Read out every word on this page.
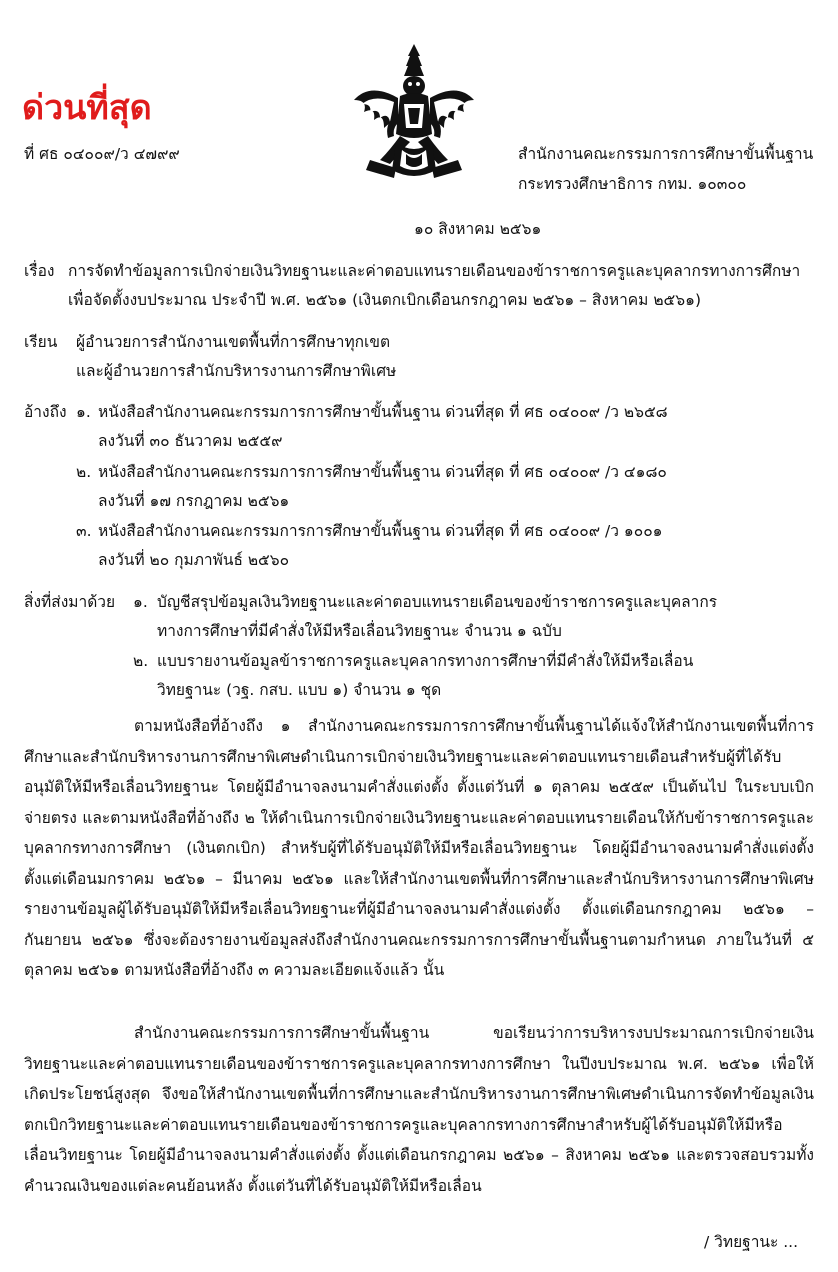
ด่วนที่สุด
ที่ ศธ ๐๔๐๐๙/ว ๔๗๙๙	สำนักงานคณะกรรมการการศึกษาขั้นพื้นฐาน
กระทรวงศึกษาธิการ กทม. ๑๐๓๐๐
๑๐ สิงหาคม ๒๕๖๑
เรื่อง การจัดทำข้อมูลการเบิกจ่ายเงินวิทยฐานะและค่าตอบแทนรายเดือนของข้าราชการครูและบุคลากรทางการศึกษา
เพื่อจัดตั้งงบประมาณ ประจำปี พ.ศ. ๒๕๖๑ (เงินตกเบิกเดือนกรกฎาคม ๒๕๖๑ – สิงหาคม ๒๕๖๑)
เรียน ผู้อำนวยการสำนักงานเขตพื้นที่การศึกษาทุกเขต
และผู้อำนวยการสำนักบริหารงานการศึกษาพิเศษ
อ้างถึง ๑. หนังสือสำนักงานคณะกรรมการการศึกษาขั้นพื้นฐาน ด่วนที่สุด ที่ ศธ ๐๔๐๐๙ /ว ๒๖๕๘
ลงวันที่ ๓๐ ธันวาคม ๒๕๕๙
๒. หนังสือสำนักงานคณะกรรมการการศึกษาขั้นพื้นฐาน ด่วนที่สุด ที่ ศธ ๐๔๐๐๙ /ว ๔๑๘๐
ลงวันที่ ๑๗ กรกฎาคม ๒๕๖๑
๓. หนังสือสำนักงานคณะกรรมการการศึกษาขั้นพื้นฐาน ด่วนที่สุด ที่ ศธ ๐๔๐๐๙ /ว ๑๐๐๑
ลงวันที่ ๒๐ กุมภาพันธ์ ๒๕๖๐
สิ่งที่ส่งมาด้วย ๑. บัญชีสรุปข้อมูลเงินวิทยฐานะและค่าตอบแทนรายเดือนของข้าราชการครูและบุคลากร
ทางการศึกษาที่มีคำสั่งให้มีหรือเลื่อนวิทยฐานะ จำนวน ๑ ฉบับ
๒. แบบรายงานข้อมูลข้าราชการครูและบุคลากรทางการศึกษาที่มีคำสั่งให้มีหรือเลื่อน
วิทยฐานะ (วฐ. กสบ. แบบ ๑) จำนวน ๑ ชุด
ตามหนังสือที่อ้างถึง ๑ สำนักงานคณะกรรมการการศึกษาขั้นพื้นฐานได้แจ้งให้สำนักงานเขตพื้นที่การศึกษาและสำนักบริหารงานการศึกษาพิเศษดำเนินการเบิกจ่ายเงินวิทยฐานะและค่าตอบแทนรายเดือนสำหรับผู้ที่ได้รับอนุมัติให้มีหรือเลื่อนวิทยฐานะ โดยผู้มีอำนาจลงนามคำสั่งแต่งตั้ง ตั้งแต่วันที่ ๑ ตุลาคม ๒๕๕๙ เป็นต้นไป ในระบบเบิกจ่ายตรง และตามหนังสือที่อ้างถึง ๒ ให้ดำเนินการเบิกจ่ายเงินวิทยฐานะและค่าตอบแทนรายเดือนให้กับข้าราชการครูและบุคลากรทางการศึกษา (เงินตกเบิก) สำหรับผู้ที่ได้รับอนุมัติให้มีหรือเลื่อนวิทยฐานะ โดยผู้มีอำนาจลงนามคำสั่งแต่งตั้ง ตั้งแต่เดือนมกราคม ๒๕๖๑ – มีนาคม ๒๕๖๑ และให้สำนักงานเขตพื้นที่การศึกษาและสำนักบริหารงานการศึกษาพิเศษ รายงานข้อมูลผู้ได้รับอนุมัติให้มีหรือเลื่อนวิทยฐานะที่ผู้มีอำนาจลงนามคำสั่งแต่งตั้ง ตั้งแต่เดือนกรกฎาคม ๒๕๖๑ – กันยายน ๒๕๖๑ ซึ่งจะต้องรายงานข้อมูลส่งถึงสำนักงานคณะกรรมการการศึกษาขั้นพื้นฐานตามกำหนด ภายในวันที่ ๕ ตุลาคม ๒๕๖๑ ตามหนังสือที่อ้างถึง ๓ ความละเอียดแจ้งแล้ว นั้น
สำนักงานคณะกรรมการการศึกษาขั้นพื้นฐาน ขอเรียนว่าการบริหารงบประมาณการเบิกจ่ายเงินวิทยฐานะและค่าตอบแทนรายเดือนของข้าราชการครูและบุคลากรทางการศึกษา ในปีงบประมาณ พ.ศ. ๒๕๖๑ เพื่อให้เกิดประโยชน์สูงสุด จึงขอให้สำนักงานเขตพื้นที่การศึกษาและสำนักบริหารงานการศึกษาพิเศษดำเนินการจัดทำข้อมูลเงินตกเบิกวิทยฐานะและค่าตอบแทนรายเดือนของข้าราชการครูและบุคลากรทางการศึกษาสำหรับผู้ได้รับอนุมัติให้มีหรือเลื่อนวิทยฐานะ โดยผู้มีอำนาจลงนามคำสั่งแต่งตั้ง ตั้งแต่เดือนกรกฎาคม ๒๕๖๑ – สิงหาคม ๒๕๖๑ และตรวจสอบรวมทั้งคำนวณเงินของแต่ละคนย้อนหลัง ตั้งแต่วันที่ได้รับอนุมัติให้มีหรือเลื่อน
/ วิทยฐานะ ...
